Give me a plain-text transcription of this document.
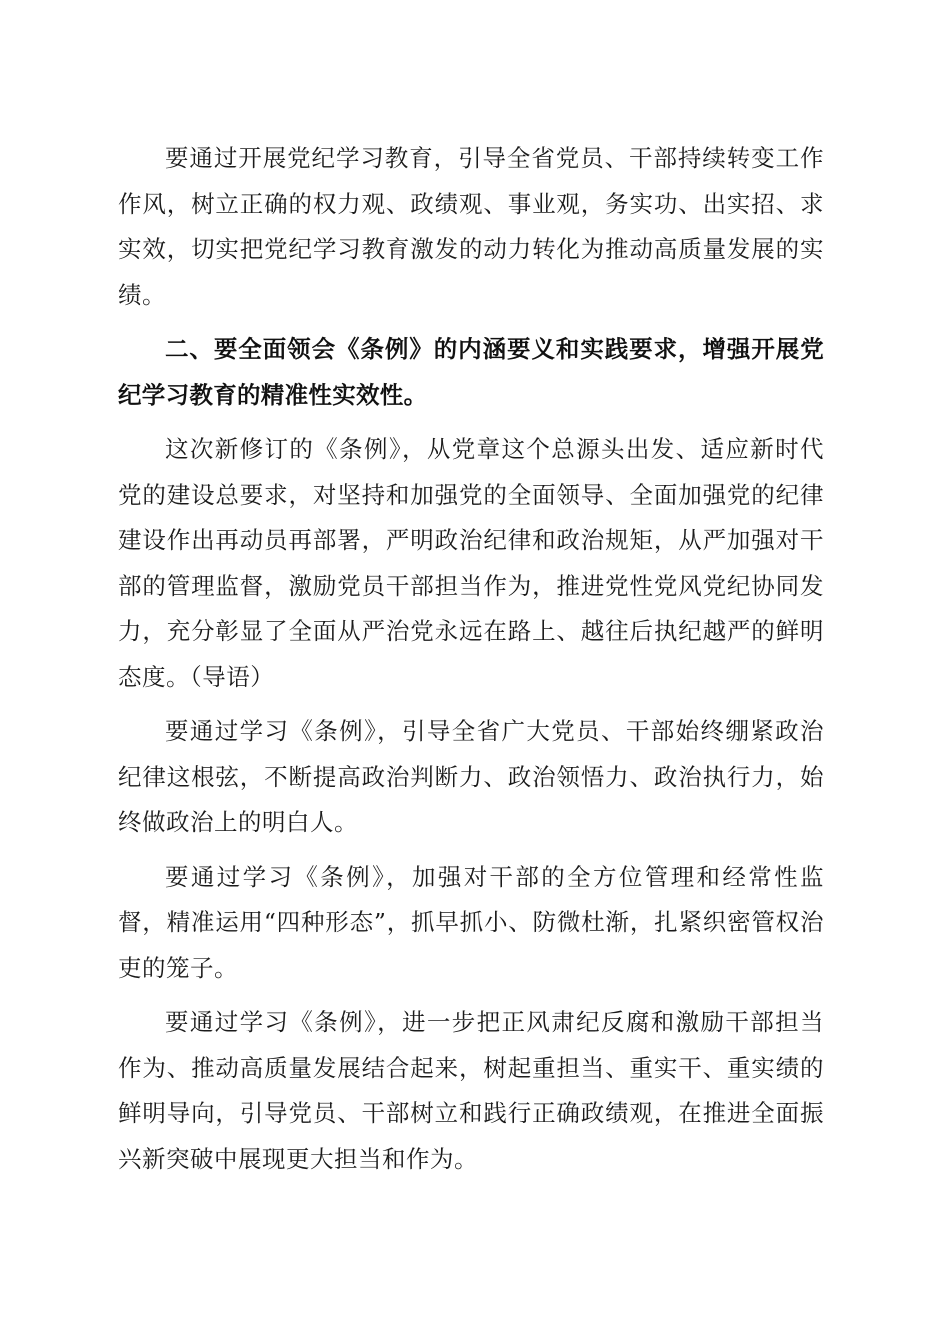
要通过开展党纪学习教育，引导全省党员、干部持续转变工作作风，树立正确的权力观、政绩观、事业观，务实功、出实招、求实效，切实把党纪学习教育激发的动力转化为推动高质量发展的实绩。

二、要全面领会《条例》的内涵要义和实践要求，增强开展党纪学习教育的精准性实效性。

这次新修订的《条例》，从党章这个总源头出发、适应新时代党的建设总要求，对坚持和加强党的全面领导、全面加强党的纪律建设作出再动员再部署，严明政治纪律和政治规矩，从严加强对干部的管理监督，激励党员干部担当作为，推进党性党风党纪协同发力，充分彰显了全面从严治党永远在路上、越往后执纪越严的鲜明态度。（导语）

要通过学习《条例》，引导全省广大党员、干部始终绷紧政治纪律这根弦，不断提高政治判断力、政治领悟力、政治执行力，始终做政治上的明白人。

要通过学习《条例》，加强对干部的全方位管理和经常性监督，精准运用“四种形态”，抓早抓小、防微杜渐，扎紧织密管权治吏的笼子。

要通过学习《条例》，进一步把正风肃纪反腐和激励干部担当作为、推动高质量发展结合起来，树起重担当、重实干、重实绩的鲜明导向，引导党员、干部树立和践行正确政绩观，在推进全面振兴新突破中展现更大担当和作为。
